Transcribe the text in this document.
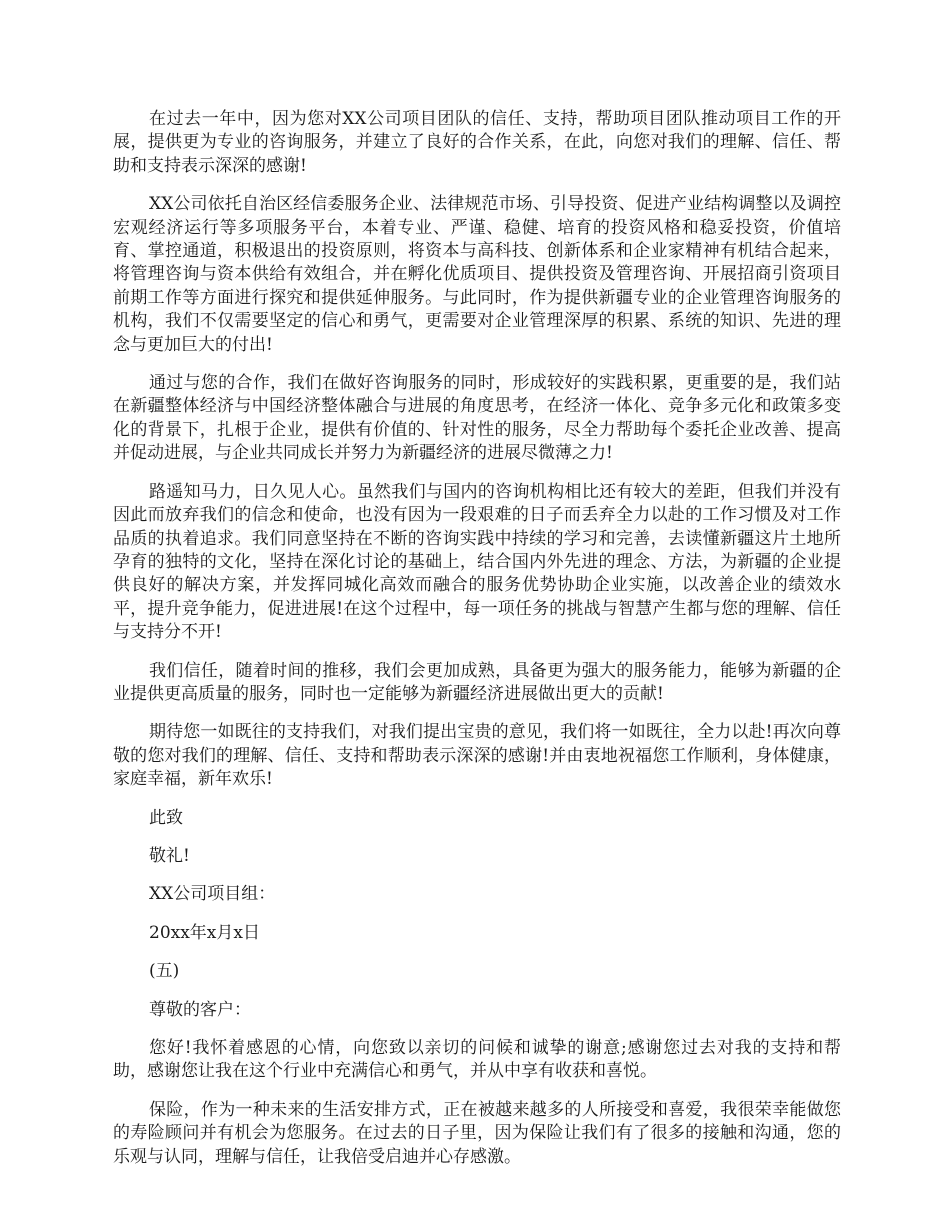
在过去一年中，因为您对XX公司项目团队的信任、支持，帮助项目团队推动项目工作的开展，提供更为专业的咨询服务，并建立了良好的合作关系，在此，向您对我们的理解、信任、帮助和支持表示深深的感谢!

XX公司依托自治区经信委服务企业、法律规范市场、引导投资、促进产业结构调整以及调控宏观经济运行等多项服务平台，本着专业、严谨、稳健、培育的投资风格和稳妥投资，价值培育、掌控通道，积极退出的投资原则，将资本与高科技、创新体系和企业家精神有机结合起来，将管理咨询与资本供给有效组合，并在孵化优质项目、提供投资及管理咨询、开展招商引资项目前期工作等方面进行探究和提供延伸服务。与此同时，作为提供新疆专业的企业管理咨询服务的机构，我们不仅需要坚定的信心和勇气，更需要对企业管理深厚的积累、系统的知识、先进的理念与更加巨大的付出!

通过与您的合作，我们在做好咨询服务的同时，形成较好的实践积累，更重要的是，我们站在新疆整体经济与中国经济整体融合与进展的角度思考，在经济一体化、竞争多元化和政策多变化的背景下，扎根于企业，提供有价值的、针对性的服务，尽全力帮助每个委托企业改善、提高并促动进展，与企业共同成长并努力为新疆经济的进展尽微薄之力!

路遥知马力，日久见人心。虽然我们与国内的咨询机构相比还有较大的差距，但我们并没有因此而放弃我们的信念和使命，也没有因为一段艰难的日子而丢弃全力以赴的工作习惯及对工作品质的执着追求。我们同意坚持在不断的咨询实践中持续的学习和完善，去读懂新疆这片土地所孕育的独特的文化，坚持在深化讨论的基础上，结合国内外先进的理念、方法，为新疆的企业提供良好的解决方案，并发挥同城化高效而融合的服务优势协助企业实施，以改善企业的绩效水平，提升竞争能力，促进进展!在这个过程中，每一项任务的挑战与智慧产生都与您的理解、信任与支持分不开!

我们信任，随着时间的推移，我们会更加成熟，具备更为强大的服务能力，能够为新疆的企业提供更高质量的服务，同时也一定能够为新疆经济进展做出更大的贡献!

期待您一如既往的支持我们，对我们提出宝贵的意见，我们将一如既往，全力以赴!再次向尊敬的您对我们的理解、信任、支持和帮助表示深深的感谢!并由衷地祝福您工作顺利，身体健康，家庭幸福，新年欢乐!

此致

敬礼!

XX公司项目组：

20xx年x月x日

(五)

尊敬的客户：

您好!我怀着感恩的心情，向您致以亲切的问候和诚挚的谢意;感谢您过去对我的支持和帮助，感谢您让我在这个行业中充满信心和勇气，并从中享有收获和喜悦。

保险，作为一种未来的生活安排方式，正在被越来越多的人所接受和喜爱，我很荣幸能做您的寿险顾问并有机会为您服务。在过去的日子里，因为保险让我们有了很多的接触和沟通，您的乐观与认同，理解与信任，让我倍受启迪并心存感激。
